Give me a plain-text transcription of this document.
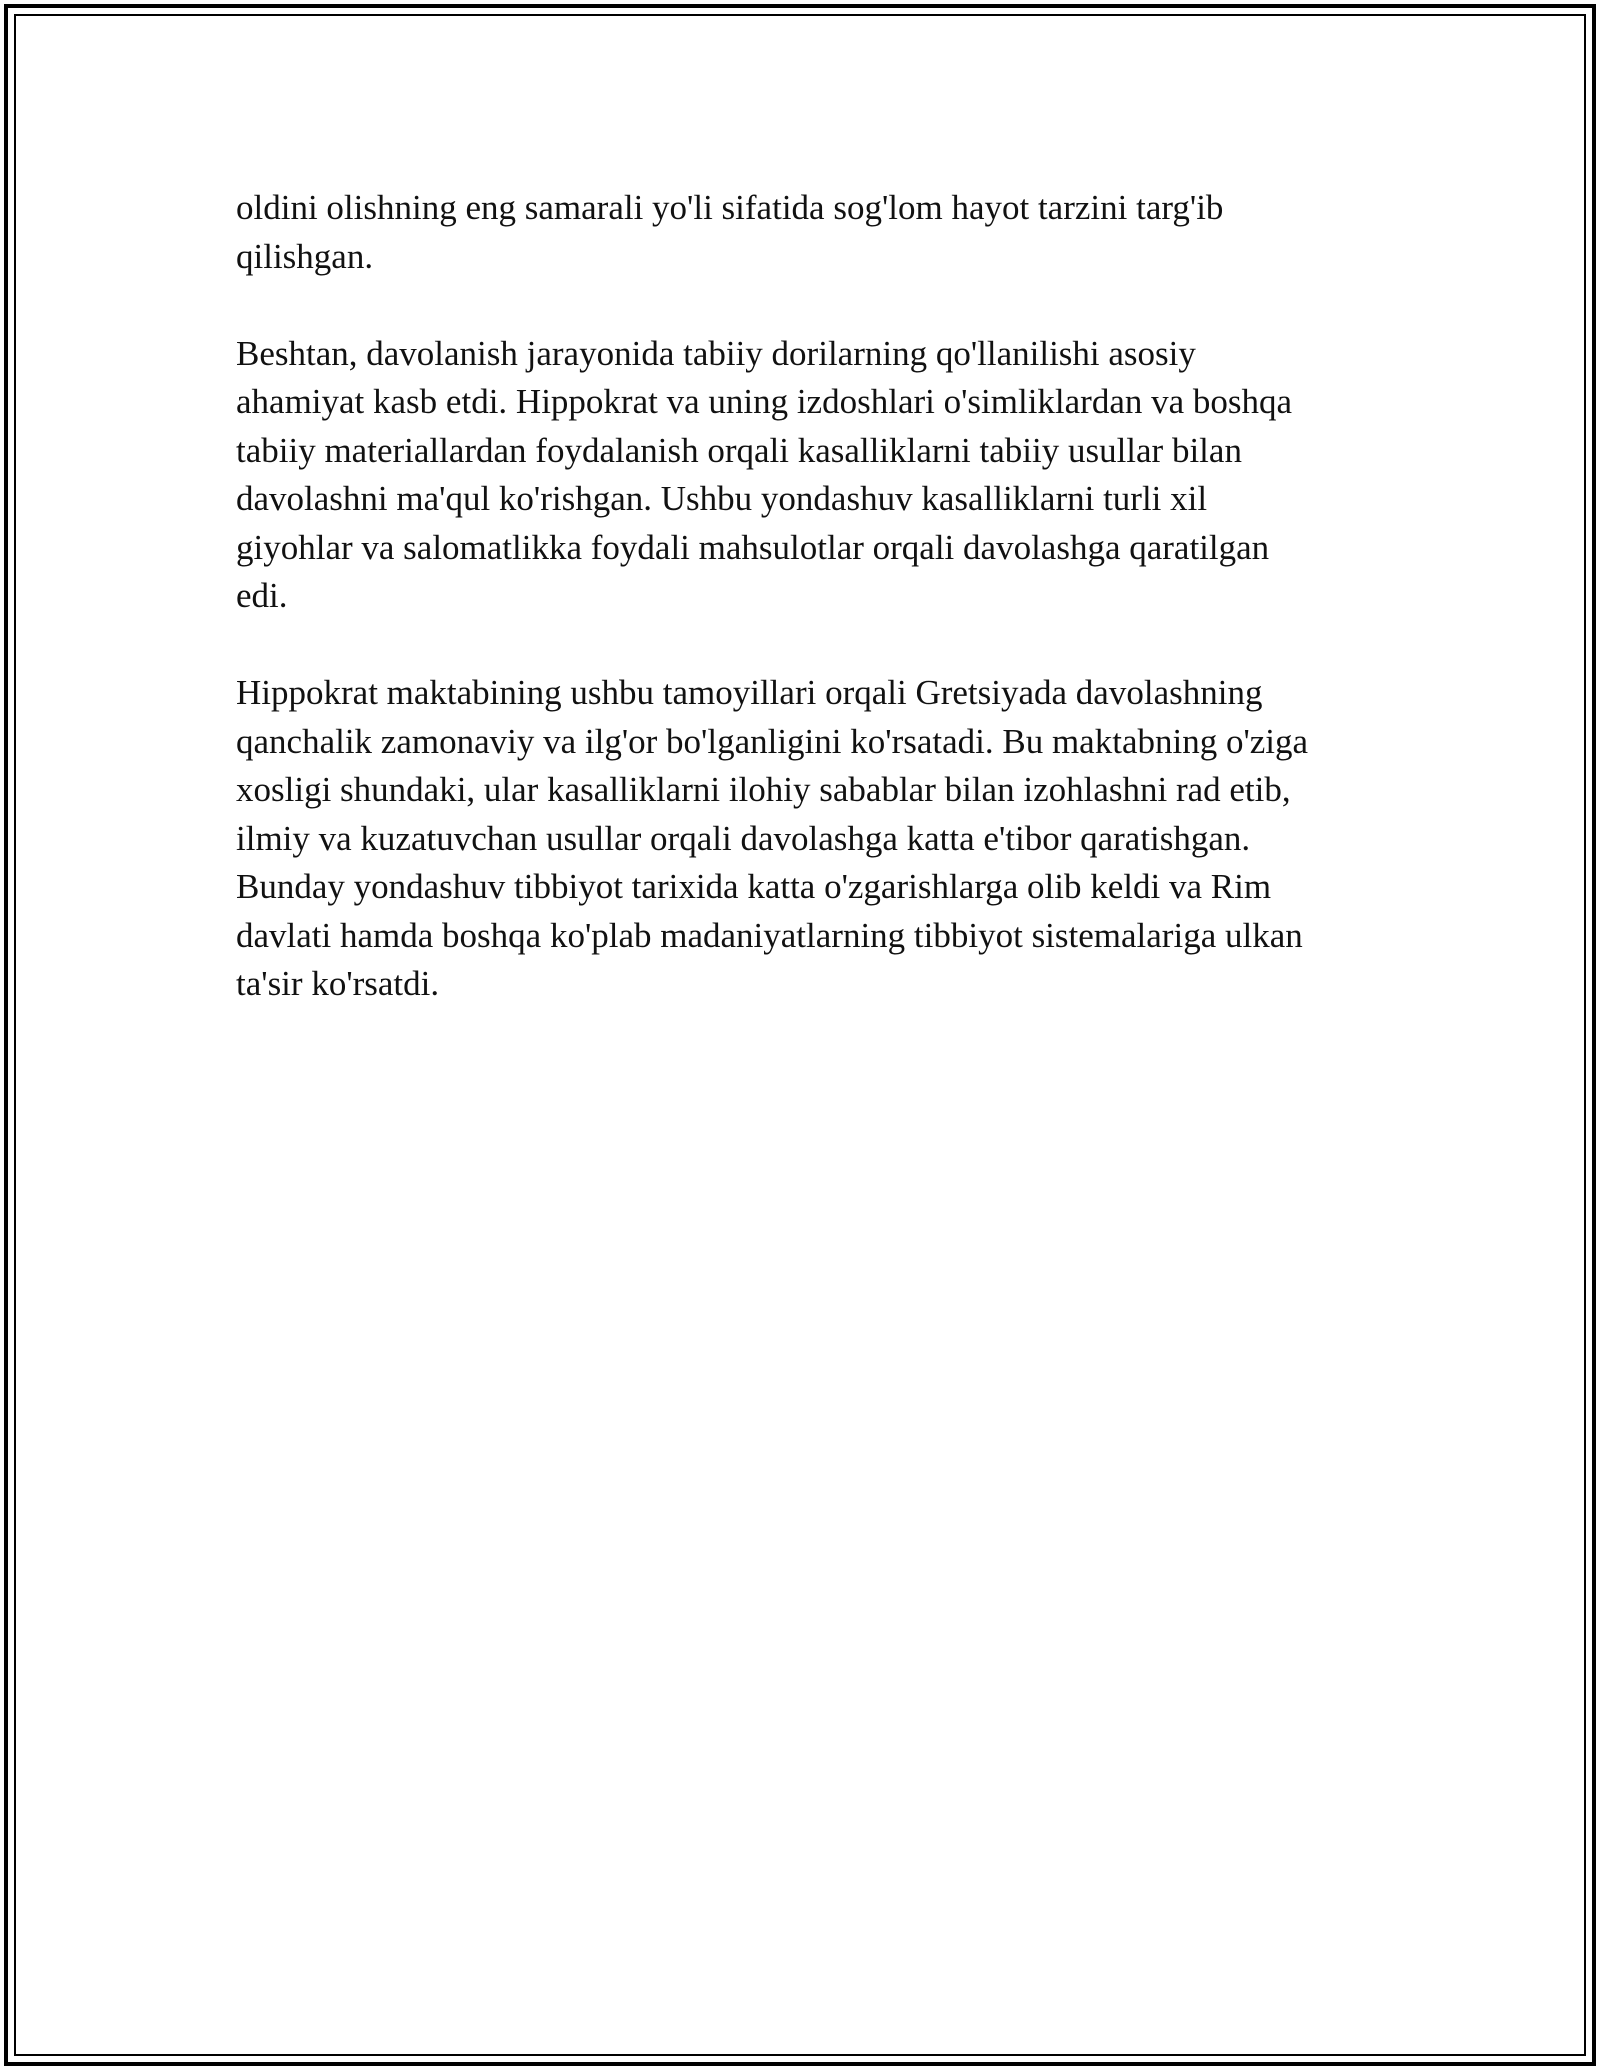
oldini olishning eng samarali yo'li sifatida sog'lom hayot tarzini targ'ib
qilishgan.

Beshtan, davolanish jarayonida tabiiy dorilarning qo'llanilishi asosiy
ahamiyat kasb etdi. Hippokrat va uning izdoshlari o'simliklardan va boshqa
tabiiy materiallardan foydalanish orqali kasalliklarni tabiiy usullar bilan
davolashni ma'qul ko'rishgan. Ushbu yondashuv kasalliklarni turli xil
giyohlar va salomatlikka foydali mahsulotlar orqali davolashga qaratilgan
edi.

Hippokrat maktabining ushbu tamoyillari orqali Gretsiyada davolashning
qanchalik zamonaviy va ilg'or bo'lganligini ko'rsatadi. Bu maktabning o'ziga
xosligi shundaki, ular kasalliklarni ilohiy sabablar bilan izohlashni rad etib,
ilmiy va kuzatuvchan usullar orqali davolashga katta e'tibor qaratishgan.
Bunday yondashuv tibbiyot tarixida katta o'zgarishlarga olib keldi va Rim
davlati hamda boshqa ko'plab madaniyatlarning tibbiyot sistemalariga ulkan
ta'sir ko'rsatdi.
